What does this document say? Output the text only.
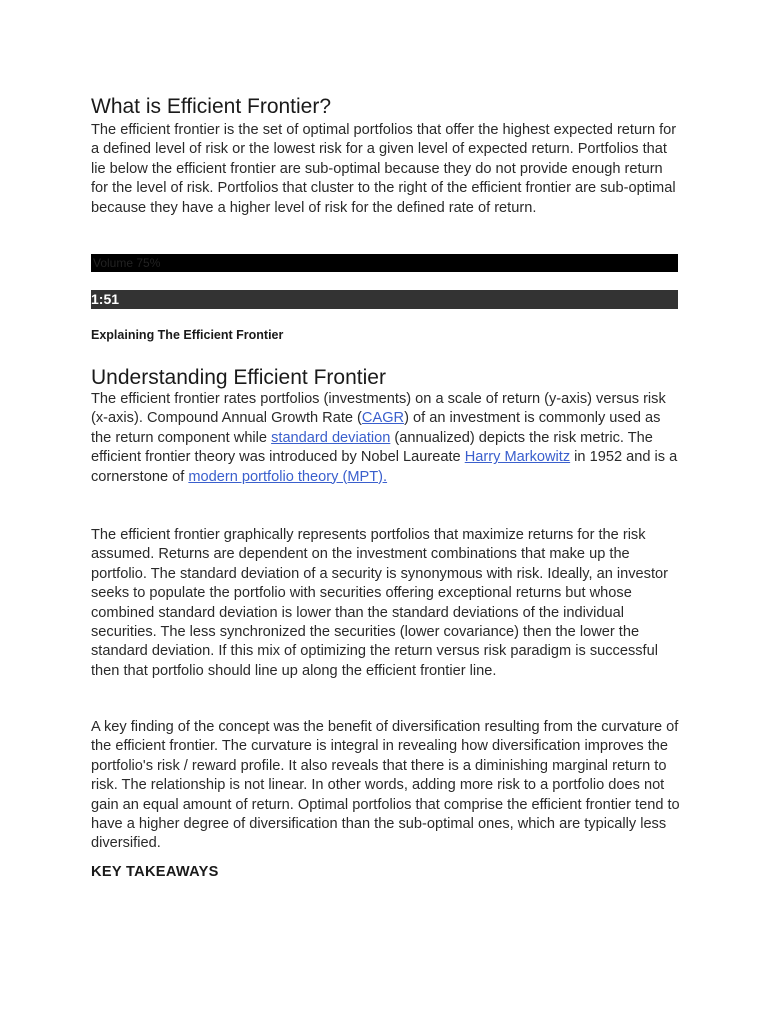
What is Efficient Frontier?

The efficient frontier is the set of optimal portfolios that offer the highest expected return for a defined level of risk or the lowest risk for a given level of expected return. Portfolios that lie below the efficient frontier are sub-optimal because they do not provide enough return for the level of risk. Portfolios that cluster to the right of the efficient frontier are sub-optimal because they have a higher level of risk for the defined rate of return.

Volume 75%
1:51
Explaining The Efficient Frontier
Understanding Efficient Frontier

The efficient frontier rates portfolios (investments) on a scale of return (y-axis) versus risk (x-axis). Compound Annual Growth Rate (CAGR) of an investment is commonly used as the return component while standard deviation (annualized) depicts the risk metric. The efficient frontier theory was introduced by Nobel Laureate Harry Markowitz in 1952 and is a cornerstone of modern portfolio theory (MPT).

The efficient frontier graphically represents portfolios that maximize returns for the risk assumed. Returns are dependent on the investment combinations that make up the portfolio. The standard deviation of a security is synonymous with risk. Ideally, an investor seeks to populate the portfolio with securities offering exceptional returns but whose combined standard deviation is lower than the standard deviations of the individual securities. The less synchronized the securities (lower covariance) then the lower the standard deviation. If this mix of optimizing the return versus risk paradigm is successful then that portfolio should line up along the efficient frontier line.

A key finding of the concept was the benefit of diversification resulting from the curvature of the efficient frontier. The curvature is integral in revealing how diversification improves the portfolio's risk / reward profile. It also reveals that there is a diminishing marginal return to risk. The relationship is not linear. In other words, adding more risk to a portfolio does not gain an equal amount of return. Optimal portfolios that comprise the efficient frontier tend to have a higher degree of diversification than the sub-optimal ones, which are typically less diversified.

KEY TAKEAWAYS
